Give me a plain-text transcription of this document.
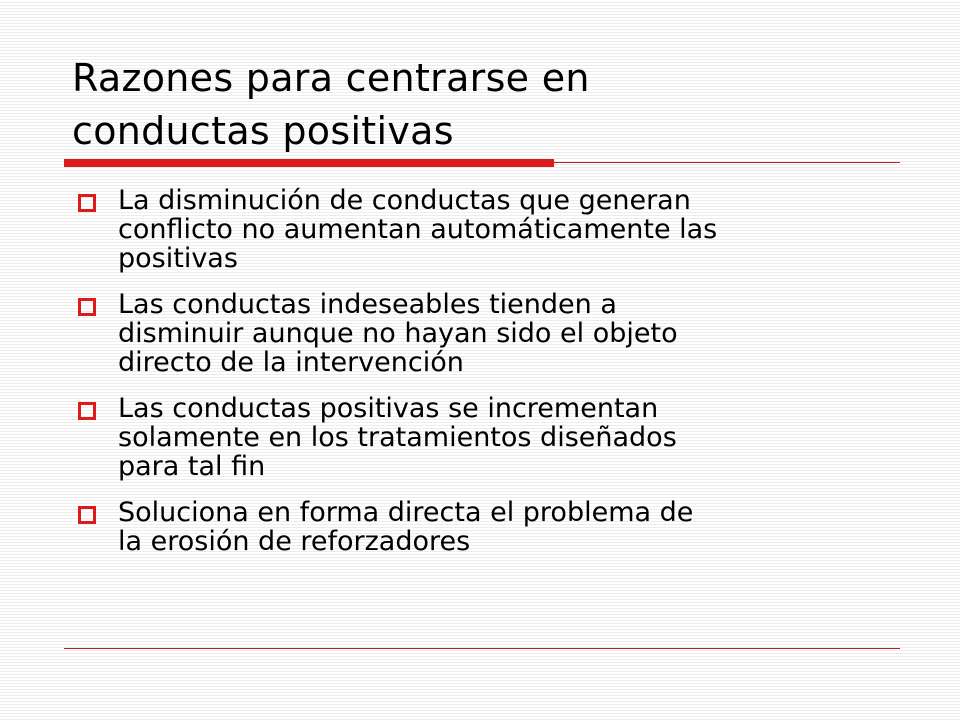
Razones para centrarse en
conductas positivas
La disminución de conductas que generan
conflicto no aumentan automáticamente las
positivas
Las conductas indeseables tienden a
disminuir aunque no hayan sido el objeto
directo de la intervención
Las conductas positivas se incrementan
solamente en los tratamientos diseñados
para tal fin
Soluciona en forma directa el problema de
la erosión de reforzadores
